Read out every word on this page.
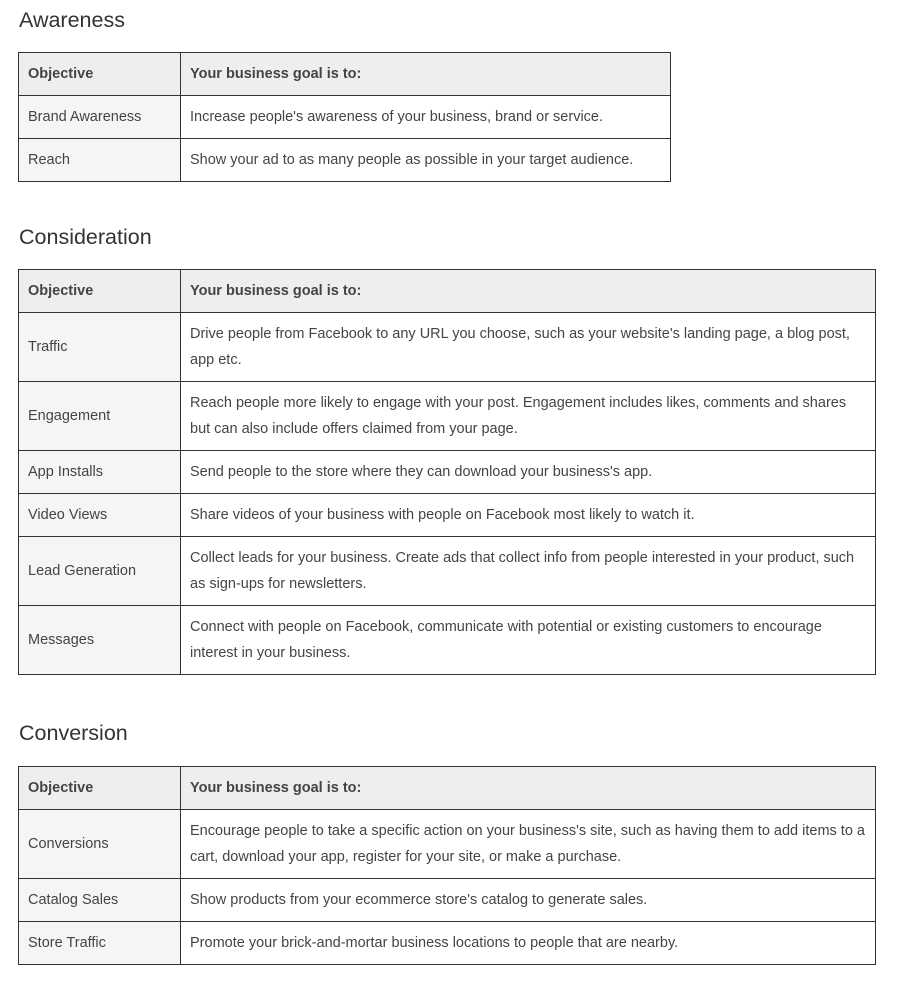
Awareness
Objective	Your business goal is to:
Brand Awareness	Increase people's awareness of your business, brand or service.
Reach	Show your ad to as many people as possible in your target audience.
Consideration
Objective	Your business goal is to:
Traffic	Drive people from Facebook to any URL you choose, such as your website's landing page, a blog post, app etc.
Engagement	Reach people more likely to engage with your post. Engagement includes likes, comments and shares but can also include offers claimed from your page.
App Installs	Send people to the store where they can download your business's app.
Video Views	Share videos of your business with people on Facebook most likely to watch it.
Lead Generation	Collect leads for your business. Create ads that collect info from people interested in your product, such as sign-ups for newsletters.
Messages	Connect with people on Facebook, communicate with potential or existing customers to encourage interest in your business.
Conversion
Objective	Your business goal is to:
Conversions	Encourage people to take a specific action on your business's site, such as having them to add items to a cart, download your app, register for your site, or make a purchase.
Catalog Sales	Show products from your ecommerce store's catalog to generate sales.
Store Traffic	Promote your brick-and-mortar business locations to people that are nearby.
